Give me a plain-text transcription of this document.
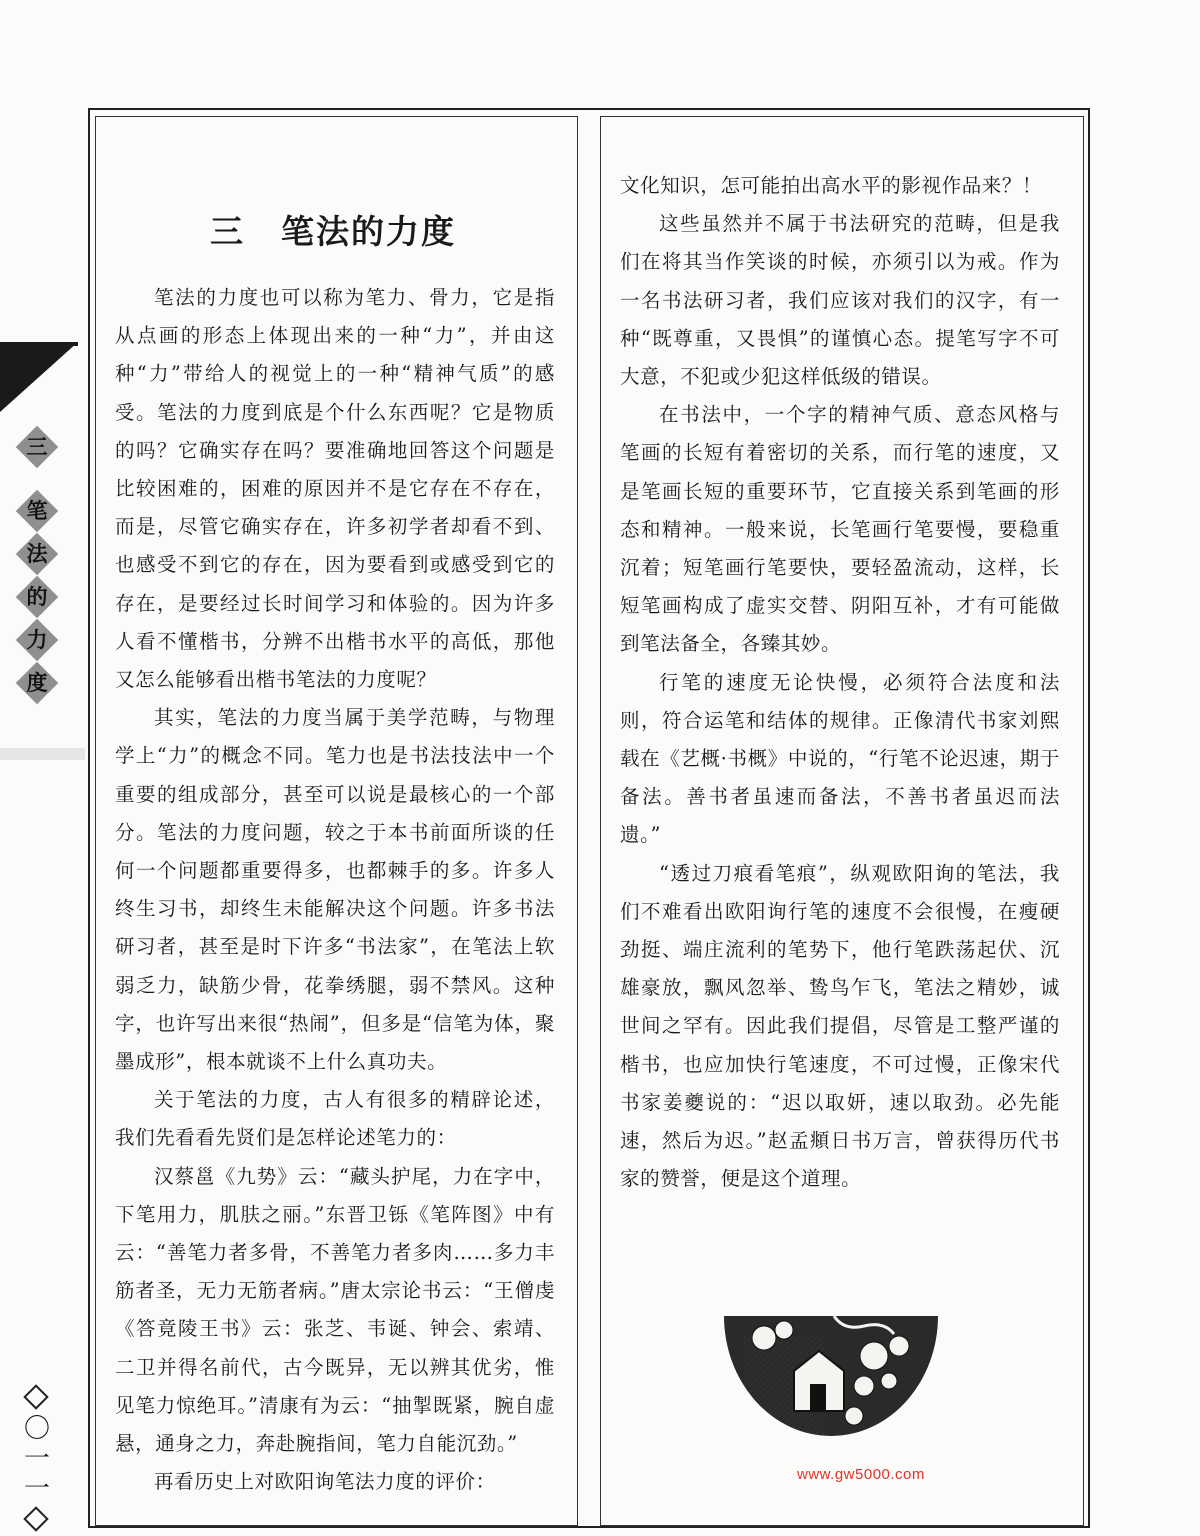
三
笔
法
的
力
度
三 笔法的力度

笔法的力度也可以称为笔力、骨力，它是指从点画的形态上体现出来的一种“力”，并由这种“力”带给人的视觉上的一种“精神气质”的感受。笔法的力度到底是个什么东西呢？它是物质的吗？它确实存在吗？要准确地回答这个问题是比较困难的，困难的原因并不是它存在不存在，而是，尽管它确实存在，许多初学者却看不到、也感受不到它的存在，因为要看到或感受到它的存在，是要经过长时间学习和体验的。因为许多人看不懂楷书，分辨不出楷书水平的高低，那他又怎么能够看出楷书笔法的力度呢？

其实，笔法的力度当属于美学范畴，与物理学上“力”的概念不同。笔力也是书法技法中一个重要的组成部分，甚至可以说是最核心的一个部分。笔法的力度问题，较之于本书前面所谈的任何一个问题都重要得多，也都棘手的多。许多人终生习书，却终生未能解决这个问题。许多书法研习者，甚至是时下许多“书法家”，在笔法上软弱乏力，缺筋少骨，花拳绣腿，弱不禁风。这种字，也许写出来很“热闹”，但多是“信笔为体，聚墨成形”，根本就谈不上什么真功夫。

关于笔法的力度，古人有很多的精辟论述，我们先看看先贤们是怎样论述笔力的：

汉蔡邕《九势》云：“藏头护尾，力在字中，下笔用力，肌肤之丽。”东晋卫铄《笔阵图》中有云：“善笔力者多骨，不善笔力者多肉……多力丰筋者圣，无力无筋者病。”唐太宗论书云：“王僧虔《答竟陵王书》云：张芝、韦诞、钟会、索靖、二卫并得名前代，古今既异，无以辨其优劣，惟见笔力惊绝耳。”清康有为云：“抽掣既紧，腕自虚悬，通身之力，奔赴腕指间，笔力自能沉劲。”

再看历史上对欧阳询笔法力度的评价：

文化知识，怎可能拍出高水平的影视作品来？！

这些虽然并不属于书法研究的范畴，但是我们在将其当作笑谈的时候，亦须引以为戒。作为一名书法研习者，我们应该对我们的汉字，有一种“既尊重，又畏惧”的谨慎心态。提笔写字不可大意，不犯或少犯这样低级的错误。

在书法中，一个字的精神气质、意态风格与笔画的长短有着密切的关系，而行笔的速度，又是笔画长短的重要环节，它直接关系到笔画的形态和精神。一般来说，长笔画行笔要慢，要稳重沉着；短笔画行笔要快，要轻盈流动，这样，长短笔画构成了虚实交替、阴阳互补，才有可能做到笔法备全，各臻其妙。

行笔的速度无论快慢，必须符合法度和法则，符合运笔和结体的规律。正像清代书家刘熙载在《艺概·书概》中说的，“行笔不论迟速，期于备法。善书者虽速而备法，不善书者虽迟而法遗。”

“透过刀痕看笔痕”，纵观欧阳询的笔法，我们不难看出欧阳询行笔的速度不会很慢，在瘦硬劲挺、端庄流利的笔势下，他行笔跌荡起伏、沉雄豪放，飘风忽举、鸷鸟乍飞，笔法之精妙，诚世间之罕有。因此我们提倡，尽管是工整严谨的楷书，也应加快行笔速度，不可过慢，正像宋代书家姜夔说的：“迟以取妍，速以取劲。必先能速，然后为迟。”赵孟頫日书万言，曾获得历代书家的赞誉，便是这个道理。

〇
一
一	www.gw5000.com
